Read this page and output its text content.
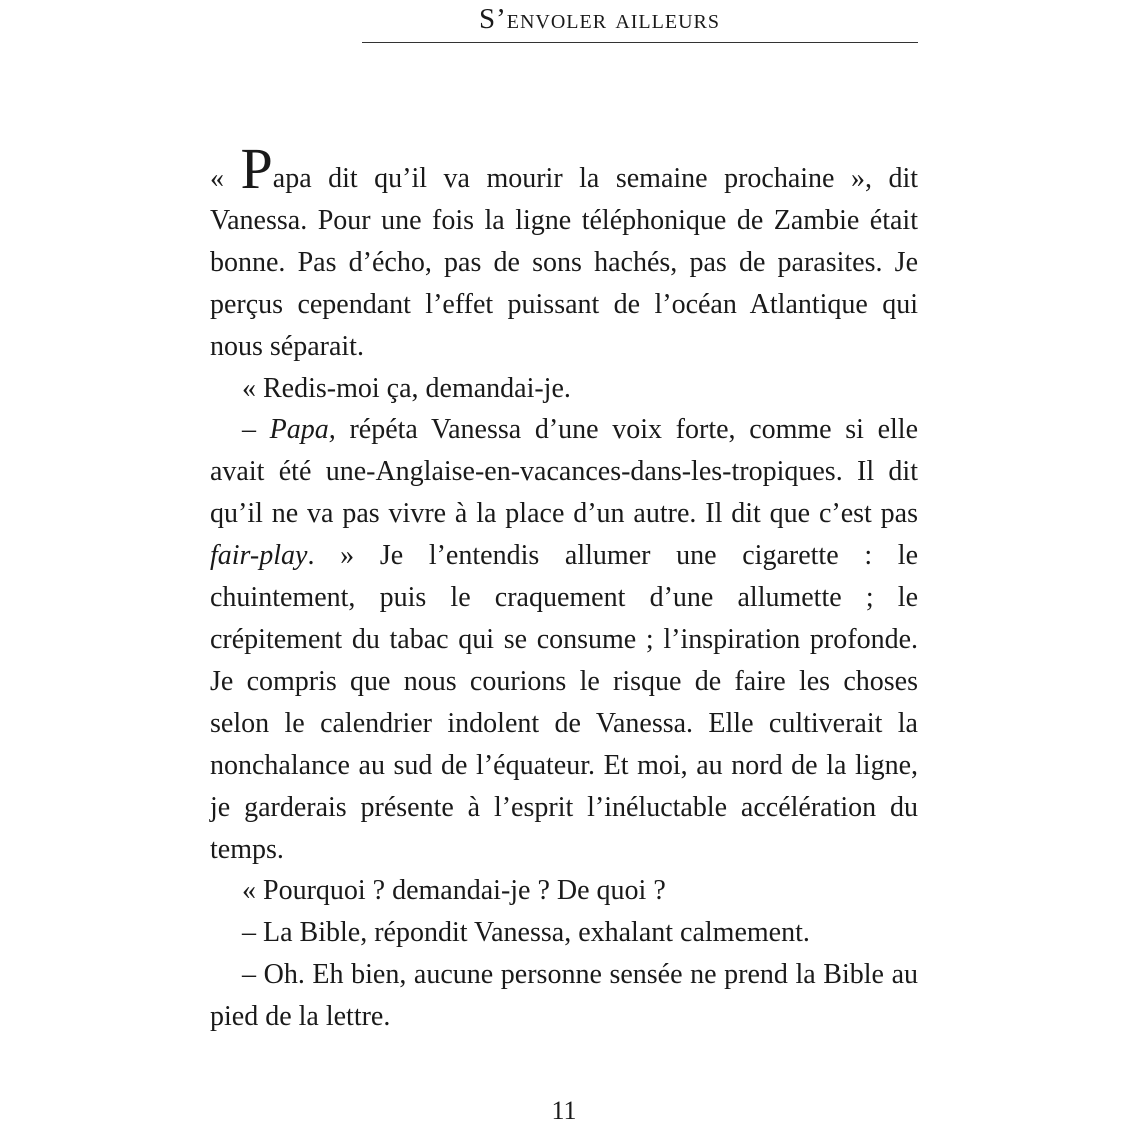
S’envoler ailleurs

« Papa dit qu’il va mourir la semaine prochaine », dit Vanessa. Pour une fois la ligne téléphonique de Zambie était bonne. Pas d’écho, pas de sons hachés, pas de parasites. Je perçus cependant l’effet puissant de l’océan Atlantique qui nous séparait.

« Redis-moi ça, demandai-je.

– Papa, répéta Vanessa d’une voix forte, comme si elle avait été une-Anglaise-en-vacances-dans-les-tropiques. Il dit qu’il ne va pas vivre à la place d’un autre. Il dit que c’est pas fair-play. » Je l’entendis allumer une cigarette : le chuintement, puis le craquement d’une allumette ; le crépitement du tabac qui se consume ; l’inspiration profonde. Je compris que nous courions le risque de faire les choses selon le calendrier indolent de Vanessa. Elle cultiverait la nonchalance au sud de l’équateur. Et moi, au nord de la ligne, je garderais présente à l’esprit l’inéluctable accélération du temps.

« Pourquoi ? demandai-je ? De quoi ?

– La Bible, répondit Vanessa, exhalant calmement.

– Oh. Eh bien, aucune personne sensée ne prend la Bible au pied de la lettre.

11
